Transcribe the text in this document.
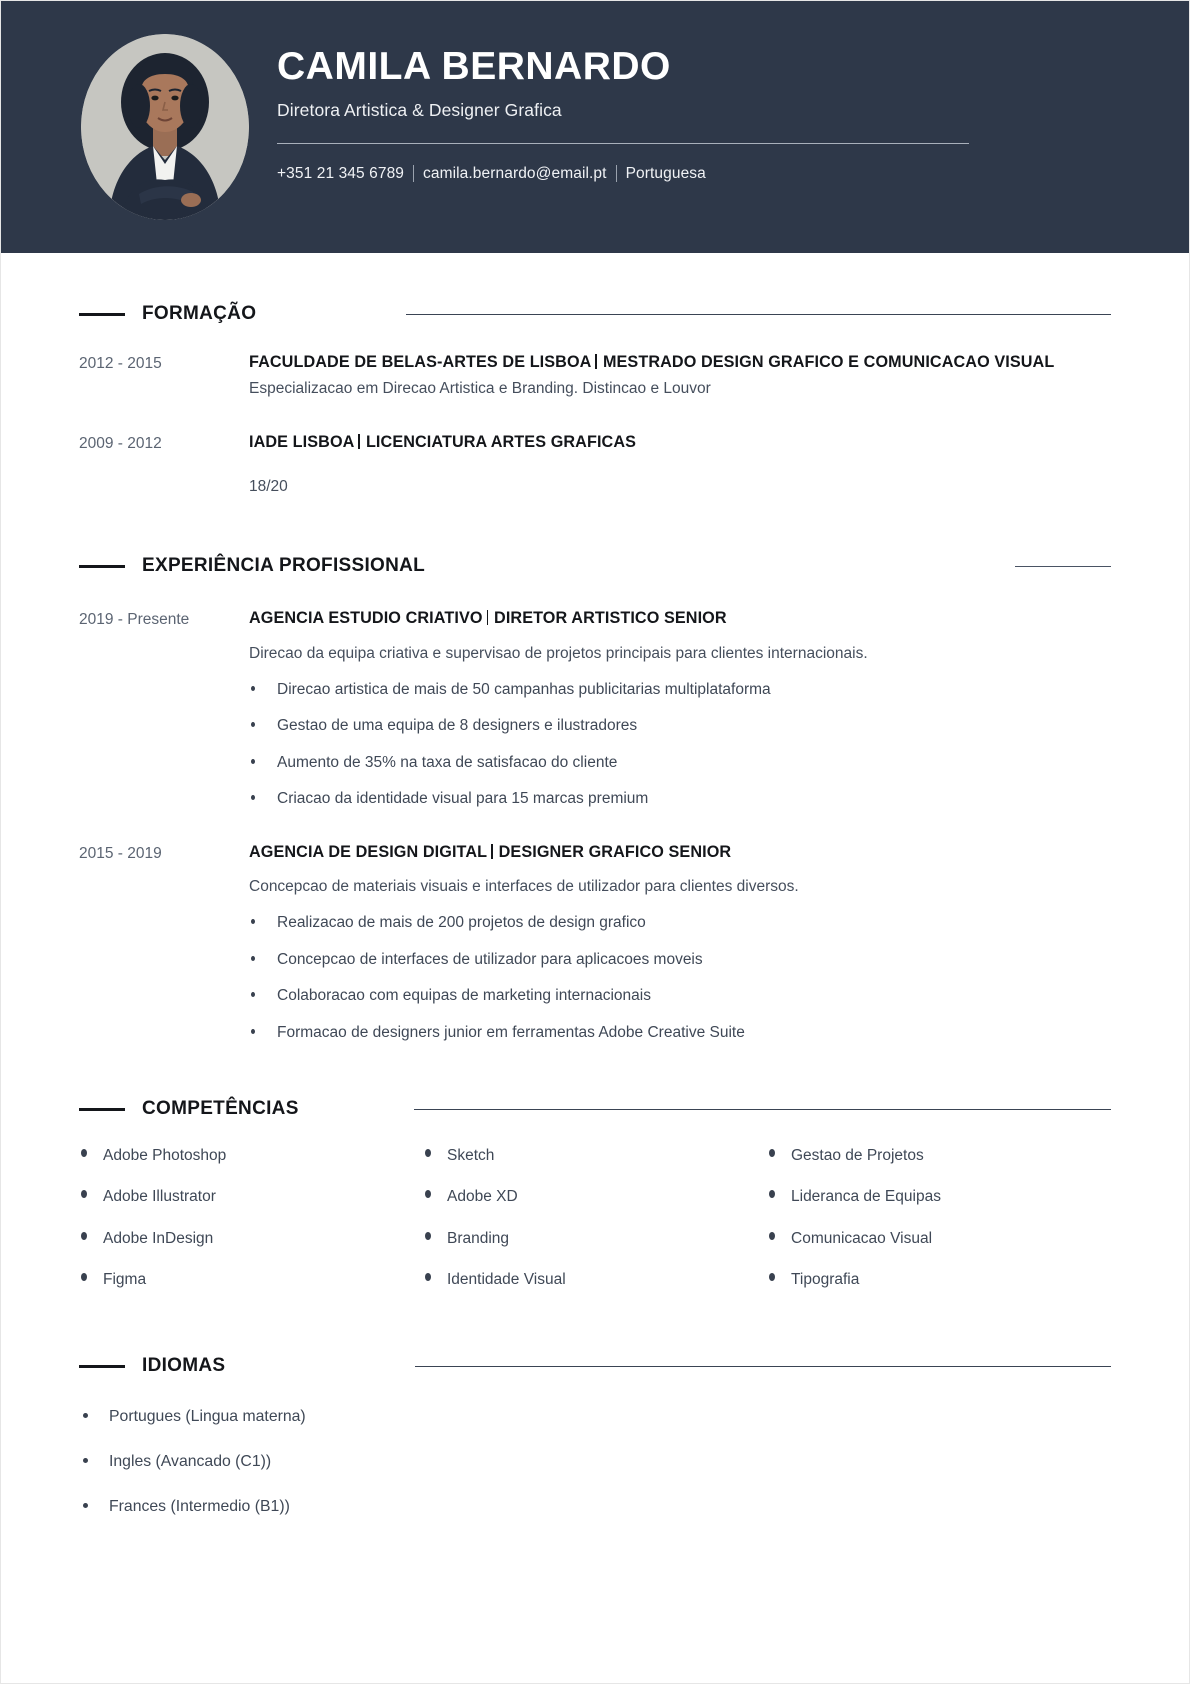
CAMILA BERNARDO
Diretora Artistica & Designer Grafica
+351 21 345 6789 camila.bernardo@email.pt Portuguesa
FORMAÇÃO
2012 - 2015	FACULDADE DE BELAS-ARTES DE LISBOA MESTRADO DESIGN GRAFICO E COMUNICACAO VISUAL
Especializacao em Direcao Artistica e Branding. Distincao e Louvor
2009 - 2012	IADE LISBOA LICENCIATURA ARTES GRAFICAS
18/20
EXPERIÊNCIA PROFISSIONAL
2019 - Presente	AGENCIA ESTUDIO CRIATIVO DIRETOR ARTISTICO SENIOR
Direcao da equipa criativa e supervisao de projetos principais para clientes internacionais.
Direcao artistica de mais de 50 campanhas publicitarias multiplataforma
Gestao de uma equipa de 8 designers e ilustradores
Aumento de 35% na taxa de satisfacao do cliente
Criacao da identidade visual para 15 marcas premium
2015 - 2019	AGENCIA DE DESIGN DIGITAL DESIGNER GRAFICO SENIOR
Concepcao de materiais visuais e interfaces de utilizador para clientes diversos.
Realizacao de mais de 200 projetos de design grafico
Concepcao de interfaces de utilizador para aplicacoes moveis
Colaboracao com equipas de marketing internacionais
Formacao de designers junior em ferramentas Adobe Creative Suite
COMPETÊNCIAS
Adobe Photoshop	Sketch	Gestao de Projetos
Adobe Illustrator	Adobe XD	Lideranca de Equipas
Adobe InDesign	Branding	Comunicacao Visual
Figma	Identidade Visual	Tipografia
IDIOMAS
Portugues (Lingua materna)
Ingles (Avancado (C1))
Frances (Intermedio (B1))
